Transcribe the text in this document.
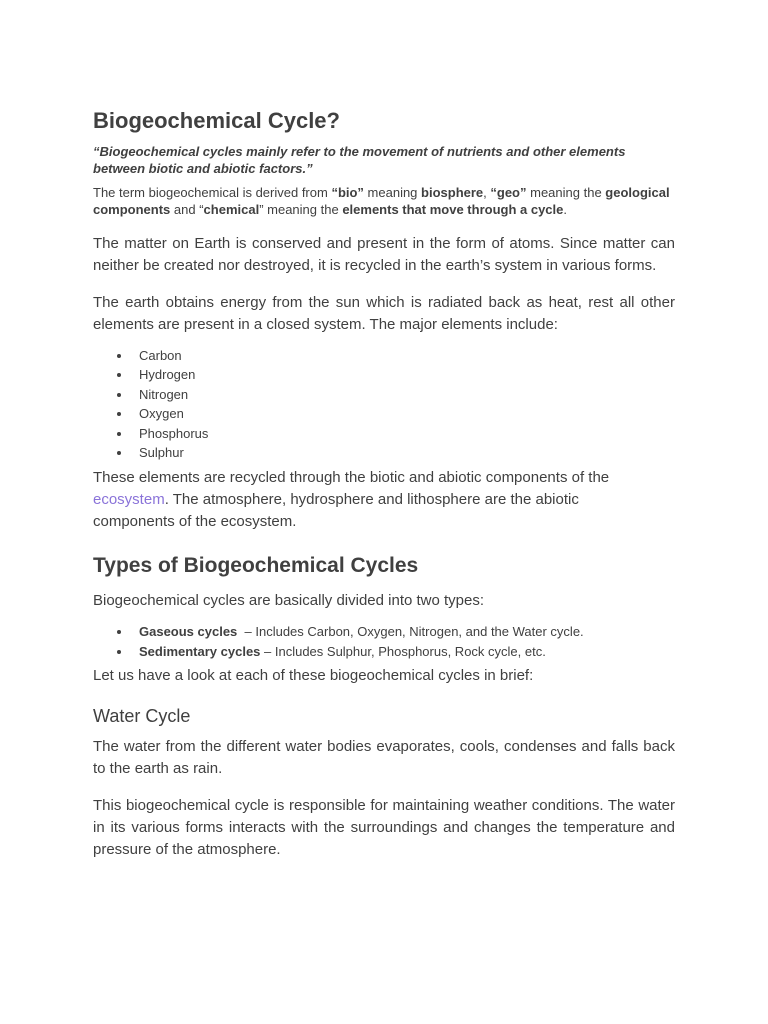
Biogeochemical Cycle?

“Biogeochemical cycles mainly refer to the movement of nutrients and other elements between biotic and abiotic factors.”

The term biogeochemical is derived from “bio” meaning biosphere, “geo” meaning the geological components and “chemical” meaning the elements that move through a cycle.

The matter on Earth is conserved and present in the form of atoms. Since matter can neither be created nor destroyed, it is recycled in the earth’s system in various forms.

The earth obtains energy from the sun which is radiated back as heat, rest all other elements are present in a closed system. The major elements include:

Carbon
Hydrogen
Nitrogen
Oxygen
Phosphorus
Sulphur

These elements are recycled through the biotic and abiotic components of the ecosystem. The atmosphere, hydrosphere and lithosphere are the abiotic components of the ecosystem.

Types of Biogeochemical Cycles

Biogeochemical cycles are basically divided into two types:

Gaseous cycles  – Includes Carbon, Oxygen, Nitrogen, and the Water cycle.
Sedimentary cycles – Includes Sulphur, Phosphorus, Rock cycle, etc.

Let us have a look at each of these biogeochemical cycles in brief:

Water Cycle

The water from the different water bodies evaporates, cools, condenses and falls back to the earth as rain.

This biogeochemical cycle is responsible for maintaining weather conditions. The water in its various forms interacts with the surroundings and changes the temperature and pressure of the atmosphere.
